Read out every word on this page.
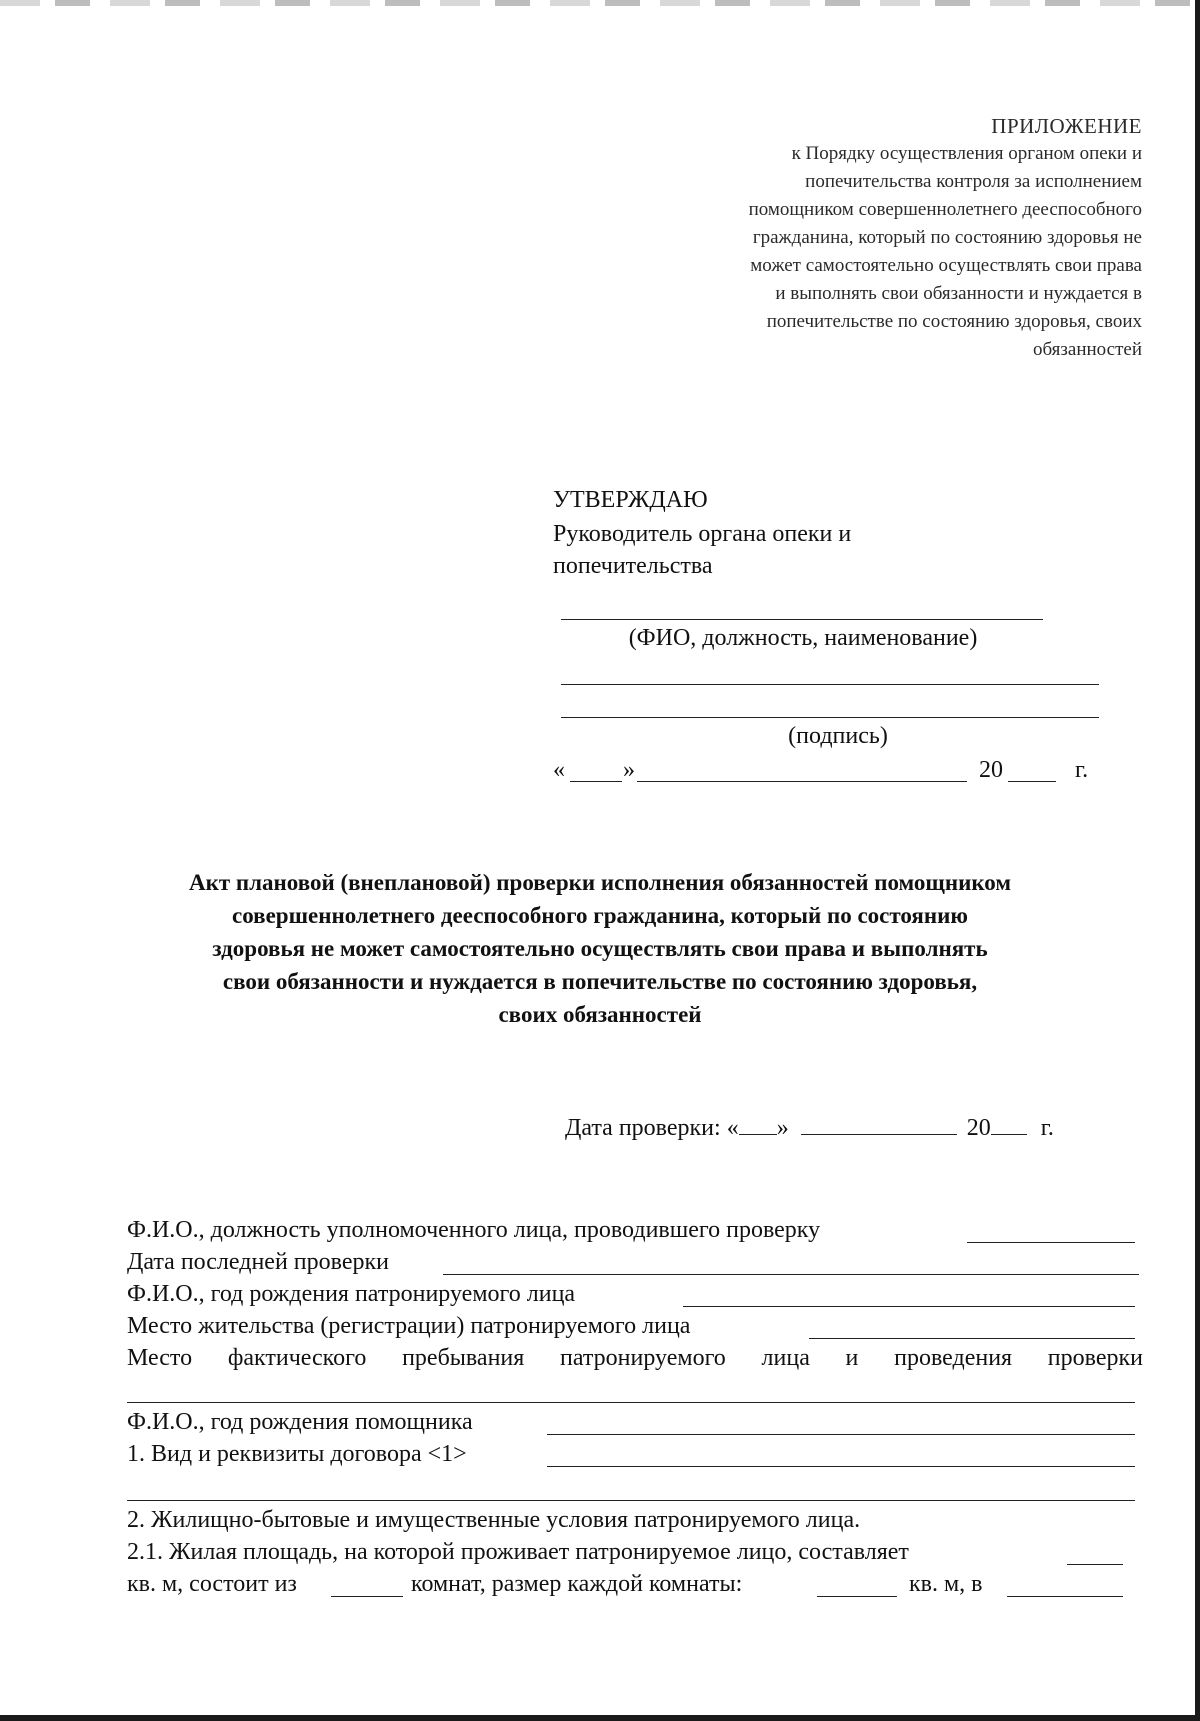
ПРИЛОЖЕНИЕ
к Порядку осуществления органом опеки и
попечительства контроля за исполнением
помощником совершеннолетнего дееспособного
гражданина, который по состоянию здоровья не
может самостоятельно осуществлять свои права
и выполнять свои обязанности и нуждается в
попечительстве по состоянию здоровья, своих
обязанностей
УТВЕРЖДАЮ
Руководитель органа опеки и
попечительства
(ФИО, должность, наименование)
(подпись)
« »	20	г.
Акт плановой (внеплановой) проверки исполнения обязанностей помощником
совершеннолетнего дееспособного гражданина, который по состоянию
здоровья не может самостоятельно осуществлять свои права и выполнять
свои обязанности и нуждается в попечительстве по состоянию здоровья,
своих обязанностей
Дата проверки: « »	20 г.
Ф.И.О., должность уполномоченного лица, проводившего проверку
Дата последней проверки
Ф.И.О., год рождения патронируемого лица
Место жительства (регистрации) патронируемого лица
Место фактического пребывания патронируемого лица и проведения проверки
Ф.И.О., год рождения помощника
1. Вид и реквизиты договора <1>
2. Жилищно-бытовые и имущественные условия патронируемого лица.
2.1. Жилая площадь, на которой проживает патронируемое лицо, составляет
кв. м, состоит из	комнат, размер каждой комнаты:	кв. м, в
